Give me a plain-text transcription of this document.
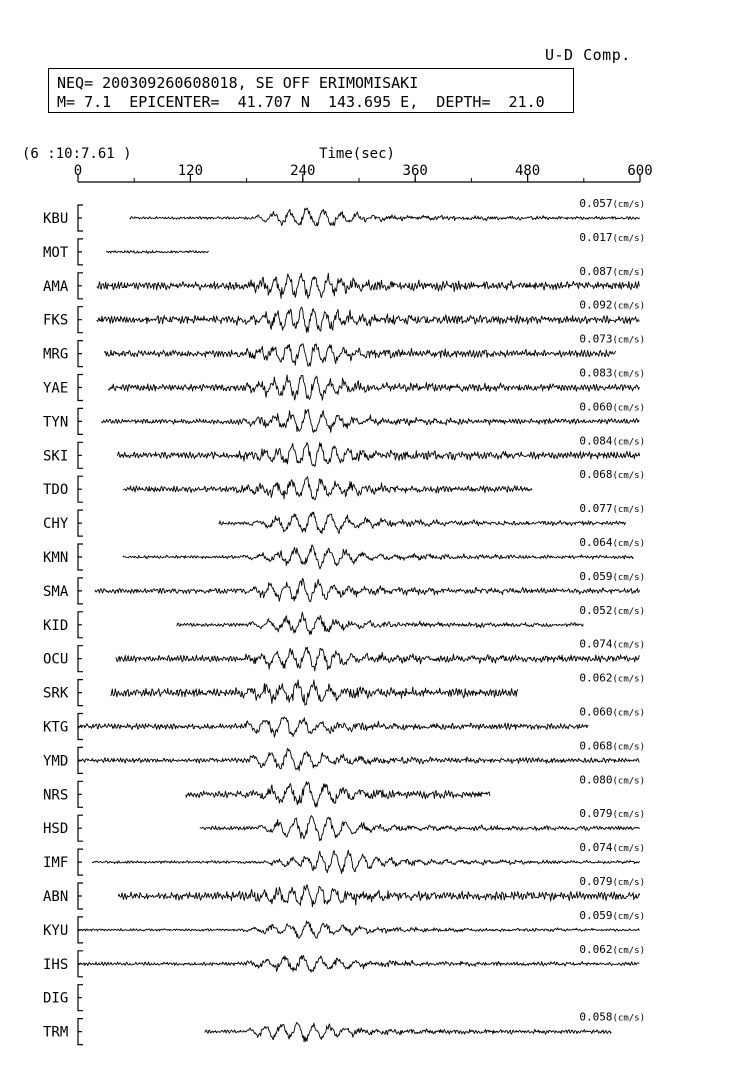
U-D Comp.
NEQ= 200309260608018, SE OFF ERIMOMISAKI
M= 7.1  EPICENTER=  41.707 N  143.695 E,  DEPTH=  21.0
(6 :10:7.61 )	Time(sec)
0	120	240	360	480	600
KBU
0.057(cm/s)
MOT
0.017(cm/s)
AMA
0.087(cm/s)
FKS
0.092(cm/s)
MRG
0.073(cm/s)
YAE
0.083(cm/s)
TYN
0.060(cm/s)
SKI
0.084(cm/s)
TDO
0.068(cm/s)
CHY
0.077(cm/s)
KMN
0.064(cm/s)
SMA
0.059(cm/s)
KID
0.052(cm/s)
OCU
0.074(cm/s)
SRK
0.062(cm/s)
KTG
0.060(cm/s)
YMD
0.068(cm/s)
NRS
0.080(cm/s)
HSD
0.079(cm/s)
IMF
0.074(cm/s)
ABN
0.079(cm/s)
KYU
0.059(cm/s)
IHS
0.062(cm/s)
DIG
TRM
0.058(cm/s)
